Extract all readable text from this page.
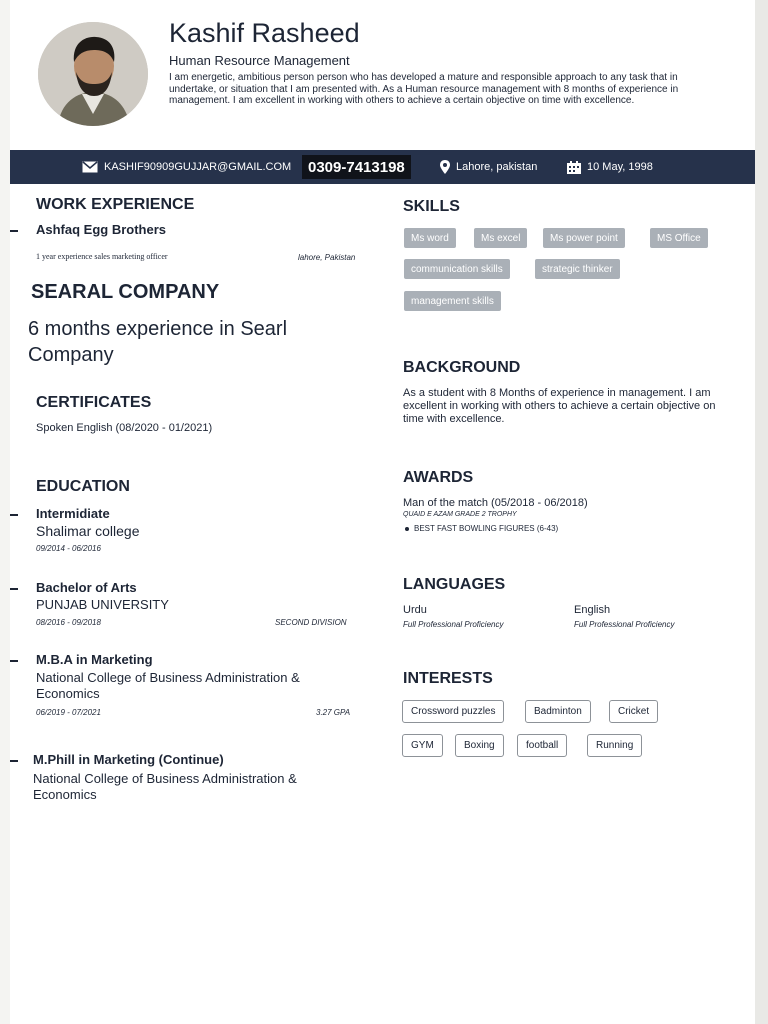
Kashif Rasheed
Human Resource Management
I am energetic, ambitious person person who has developed a mature and responsible approach to any task that in undertake, or situation that I am presented with. As a Human resource management with 8 months of experience in management. I am excellent in working with others to achieve a certain objective on time with excellence.
KASHIF90909GUJJAR@GMAIL.COM	0309-7413198	Lahore, pakistan	10 May, 1998
WORK EXPERIENCE
Ashfaq Egg Brothers
1 year experience sales marketing officer	lahore, Pakistan
SEARAL COMPANY
6 months experience in Searl Company
CERTIFICATES
Spoken English (08/2020 - 01/2021)
EDUCATION
Intermidiate
Shalimar college
09/2014 - 06/2016
Bachelor of Arts
PUNJAB UNIVERSITY
08/2016 - 09/2018	SECOND DIVISION
M.B.A in Marketing
National College of Business Administration & Economics
06/2019 - 07/2021	3.27 GPA
M.Phill in Marketing (Continue)
National College of Business Administration & Economics
SKILLS
Ms word	Ms excel	Ms power point	MS Office
communication skills	strategic thinker
management skills
BACKGROUND
As a student with 8 Months of experience in management. I am excellent in working with others to achieve a certain objective on time with excellence.
AWARDS
Man of the match (05/2018 - 06/2018)
QUAID E AZAM GRADE 2 TROPHY
BEST FAST BOWLING FIGURES (6-43)
LANGUAGES
Urdu
Full Professional Proficiency
English
Full Professional Proficiency
INTERESTS
Crossword puzzles	Badminton	Cricket
GYM	Boxing	football	Running
